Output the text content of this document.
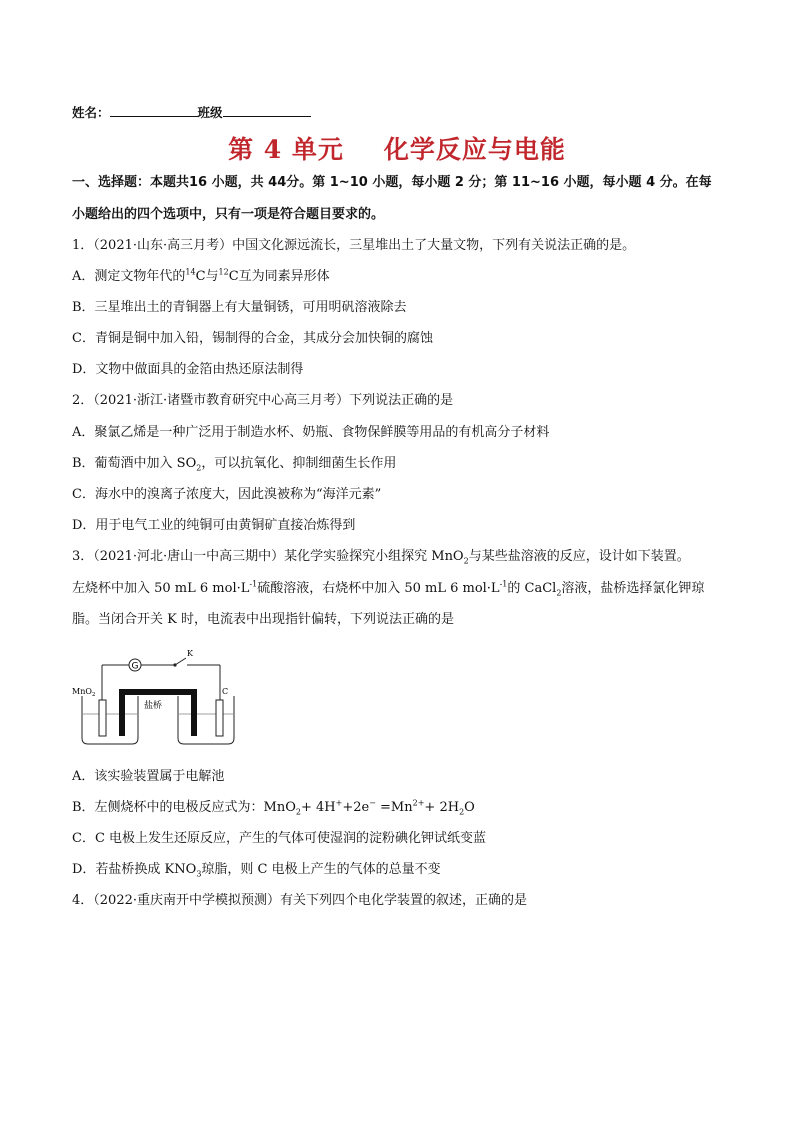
姓名：	班级
第 4 单元 化学反应与电能
一、选择题：本题共16 小题，共 44分。第 1~10 小题，每小题 2 分；第 11~16 小题，每小题 4 分。在每
小题给出的四个选项中，只有一项是符合题目要求的。
1．（2021·山东·高三月考）中国文化源远流长，三星堆出土了大量文物，下列有关说法正确的是。
A．测定文物年代的$^{14}$C与$^{12}$C互为同素异形体
B．三星堆出土的青铜器上有大量铜锈，可用明矾溶液除去
C．青铜是铜中加入铅，锡制得的合金，其成分会加快铜的腐蚀
D．文物中做面具的金箔由热还原法制得
2．（2021·浙江·诸暨市教育研究中心高三月考）下列说法正确的是
A．聚氯乙烯是一种广泛用于制造水杯、奶瓶、食物保鲜膜等用品的有机高分子材料
B．葡萄酒中加入 $SO_2$，可以抗氧化、抑制细菌生长作用
C．海水中的溴离子浓度大，因此溴被称为“海洋元素”
D．用于电气工业的纯铜可由黄铜矿直接冶炼得到
3．（2021·河北·唐山一中高三期中）某化学实验探究小组探究 MnO$_2$与某些盐溶液的反应，设计如下装置。
左烧杯中加入 50 mL 6 $mol\cdot L^{-1}$硫酸溶液，右烧杯中加入 50 mL 6 $mol\cdot L^{-1}$的 CaCl$_2$溶液，盐桥选择氯化钾琼
脂。当闭合开关 K 时，电流表中出现指针偏转，下列说法正确的是
G
K
盐桥
MnO$_2$	C
A．该实验装置属于电解池
B．左侧烧杯中的电极反应式为：$MnO_2+ 4H^++2e^- =Mn^{2+}+ 2H_2O$
C．C 电极上发生还原反应，产生的气体可使湿润的淀粉碘化钾试纸变蓝
D．若盐桥换成 $KNO_3$琼脂，则 C 电极上产生的气体的总量不变
4．（2022·重庆南开中学模拟预测）有关下列四个电化学装置的叙述，正确的是
